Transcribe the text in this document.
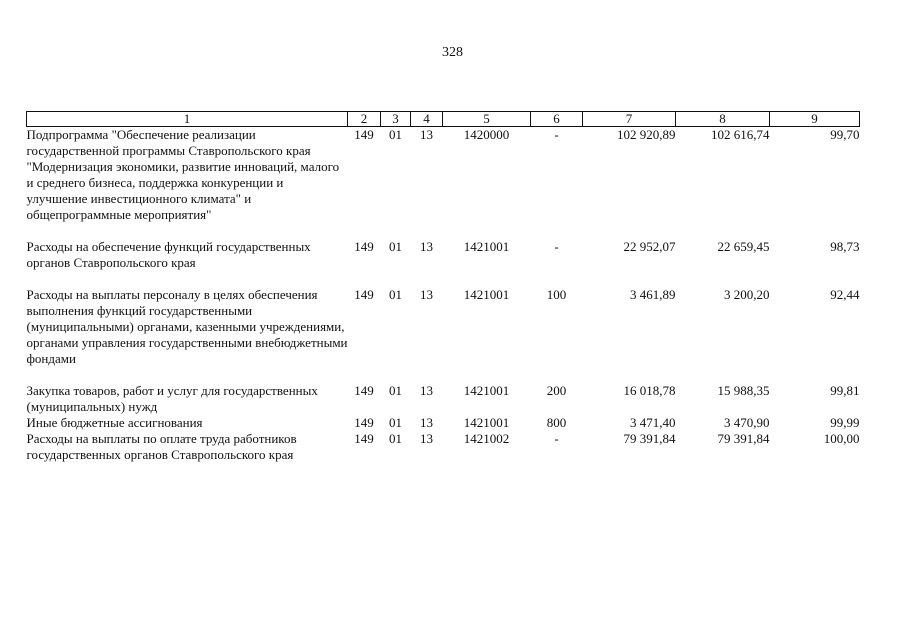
328
1	2	3	4	5	6	7	8	9
Подпрограмма "Обеспечение реализации государственной программы Ставропольского края "Модернизация экономики, развитие инноваций, малого и среднего бизнеса, поддержка конкуренции и улучшение инвестиционного климата" и общепрограммные мероприятия"	149	01	13	1420000	-	102 920,89	102 616,74	99,70

Расходы на обеспечение функций государственных органов Ставропольского края	149	01	13	1421001	-	22 952,07	22 659,45	98,73

Расходы на выплаты персоналу в целях обеспечения выполнения функций государственными (муниципальными) органами, казенными учреждениями, органами управления государственными внебюджетными фондами	149	01	13	1421001	100	3 461,89	3 200,20	92,44

Закупка товаров, работ и услуг для государственных (муниципальных) нужд	149	01	13	1421001	200	16 018,78	15 988,35	99,81
Иные бюджетные ассигнования	149	01	13	1421001	800	3 471,40	3 470,90	99,99
Расходы на выплаты по оплате труда работников государственных органов Ставропольского края	149	01	13	1421002	-	79 391,84	79 391,84	100,00
